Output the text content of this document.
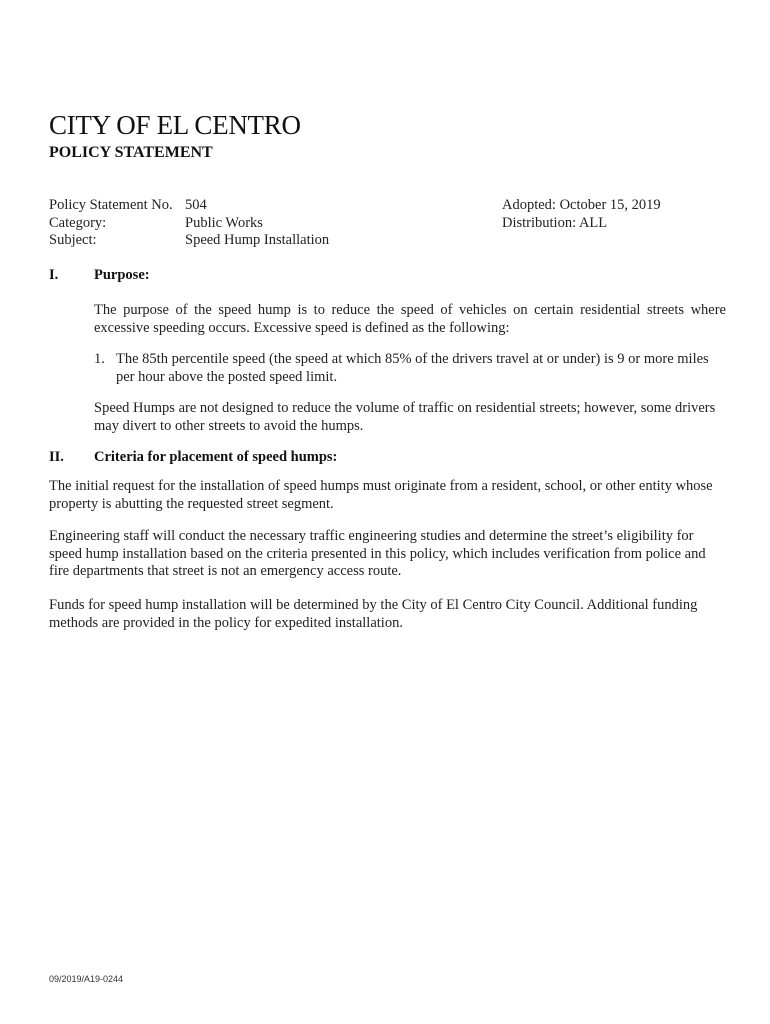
CITY OF EL CENTRO
POLICY STATEMENT
Policy Statement No.
Category:
Subject:
504
Public Works
Speed Hump Installation
Adopted: October 15, 2019
Distribution: ALL
I. Purpose:
The purpose of the speed hump is to reduce the speed of vehicles on certain residential streets where
excessive speeding occurs. Excessive speed is defined as the following:
1. The 85th percentile speed (the speed at which 85% of the drivers travel at or under) is 9 or more miles per hour above the posted speed limit.
Speed Humps are not designed to reduce the volume of traffic on residential streets; however, some drivers may divert to other streets to avoid the humps.
II. Criteria for placement of speed humps:
The initial request for the installation of speed humps must originate from a resident, school, or other entity whose property is abutting the requested street segment.
Engineering staff will conduct the necessary traffic engineering studies and determine the street’s eligibility for speed hump installation based on the criteria presented in this policy, which includes verification from police and fire departments that street is not an emergency access route.
Funds for speed hump installation will be determined by the City of El Centro City Council. Additional funding methods are provided in the policy for expedited installation.
09/2019/A19-0244
